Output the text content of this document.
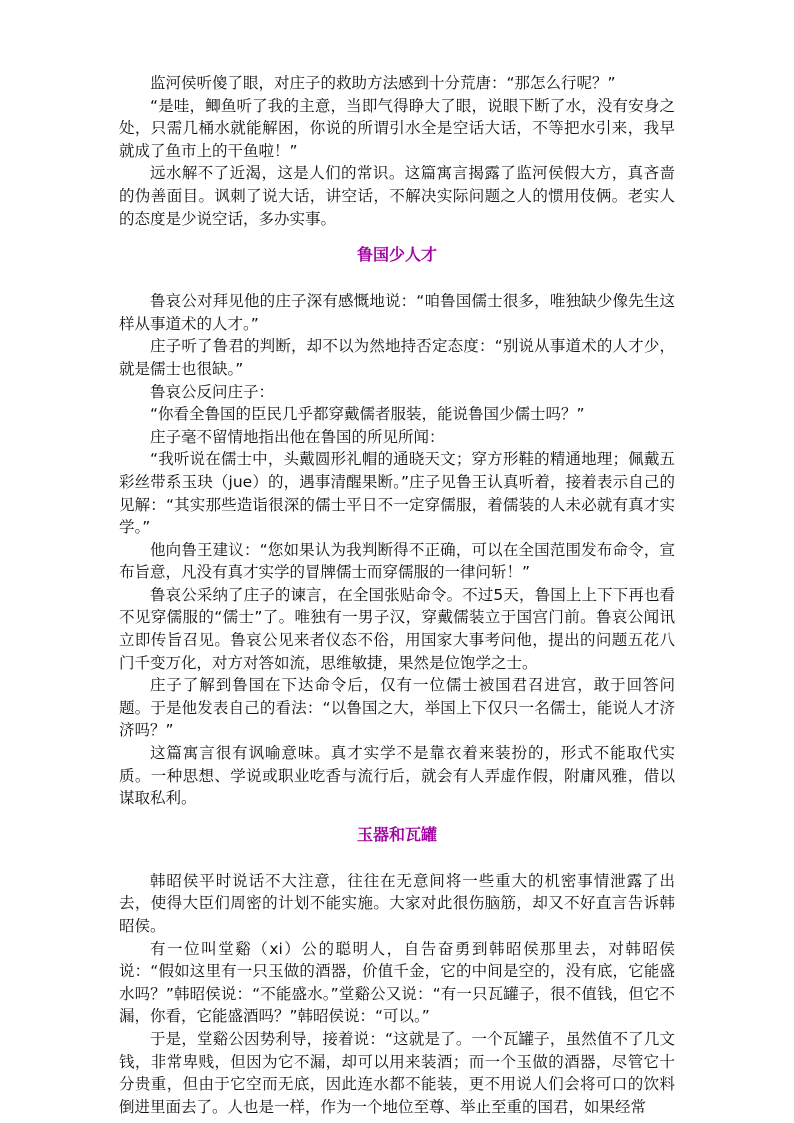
监河侯听傻了眼，对庄子的救助方法感到十分荒唐：“那怎么行呢？”

“是哇，鲫鱼听了我的主意，当即气得睁大了眼，说眼下断了水，没有安身之处，只需几桶水就能解困，你说的所谓引水全是空话大话，不等把水引来，我早就成了鱼市上的干鱼啦！”

远水解不了近渴，这是人们的常识。这篇寓言揭露了监河侯假大方，真吝啬的伪善面目。讽刺了说大话，讲空话，不解决实际问题之人的惯用伎俩。老实人的态度是少说空话，多办实事。

鲁国少人才

鲁哀公对拜见他的庄子深有感慨地说：“咱鲁国儒士很多，唯独缺少像先生这样从事道术的人才。”

庄子听了鲁君的判断，却不以为然地持否定态度：“别说从事道术的人才少，就是儒士也很缺。”

鲁哀公反问庄子：

“你看全鲁国的臣民几乎都穿戴儒者服装，能说鲁国少儒士吗？”

庄子毫不留情地指出他在鲁国的所见所闻：

“我听说在儒士中，头戴圆形礼帽的通晓天文；穿方形鞋的精通地理；佩戴五彩丝带系玉玦（jue）的，遇事清醒果断。”庄子见鲁王认真听着，接着表示自己的见解：“其实那些造诣很深的儒士平日不一定穿儒服，着儒装的人未必就有真才实学。”

他向鲁王建议：“您如果认为我判断得不正确，可以在全国范围发布命令，宣布旨意，凡没有真才实学的冒牌儒士而穿儒服的一律问斩！”

鲁哀公采纳了庄子的谏言，在全国张贴命令。不过5天，鲁国上上下下再也看不见穿儒服的“儒士”了。唯独有一男子汉，穿戴儒装立于国宫门前。鲁哀公闻讯立即传旨召见。鲁哀公见来者仪态不俗，用国家大事考问他，提出的问题五花八门千变万化，对方对答如流，思维敏捷，果然是位饱学之士。

庄子了解到鲁国在下达命令后，仅有一位儒士被国君召进宫，敢于回答问题。于是他发表自己的看法：“以鲁国之大，举国上下仅只一名儒士，能说人才济济吗？”

这篇寓言很有讽喻意味。真才实学不是靠衣着来装扮的，形式不能取代实质。一种思想、学说或职业吃香与流行后，就会有人弄虚作假，附庸风雅，借以谋取私利。

玉器和瓦罐

韩昭侯平时说话不大注意，往往在无意间将一些重大的机密事情泄露了出去，使得大臣们周密的计划不能实施。大家对此很伤脑筋，却又不好直言告诉韩昭侯。

有一位叫堂谿（xi）公的聪明人，自告奋勇到韩昭侯那里去，对韩昭侯说：“假如这里有一只玉做的酒器，价值千金，它的中间是空的，没有底，它能盛水吗？”韩昭侯说：“不能盛水。”堂谿公又说：“有一只瓦罐子，很不值钱，但它不漏，你看，它能盛酒吗？”韩昭侯说：“可以。”

于是，堂谿公因势利导，接着说：“这就是了。一个瓦罐子，虽然值不了几文钱，非常卑贱，但因为它不漏，却可以用来装酒；而一个玉做的酒器，尽管它十分贵重，但由于它空而无底，因此连水都不能装，更不用说人们会将可口的饮料倒进里面去了。人也是一样，作为一个地位至尊、举止至重的国君，如果经常
